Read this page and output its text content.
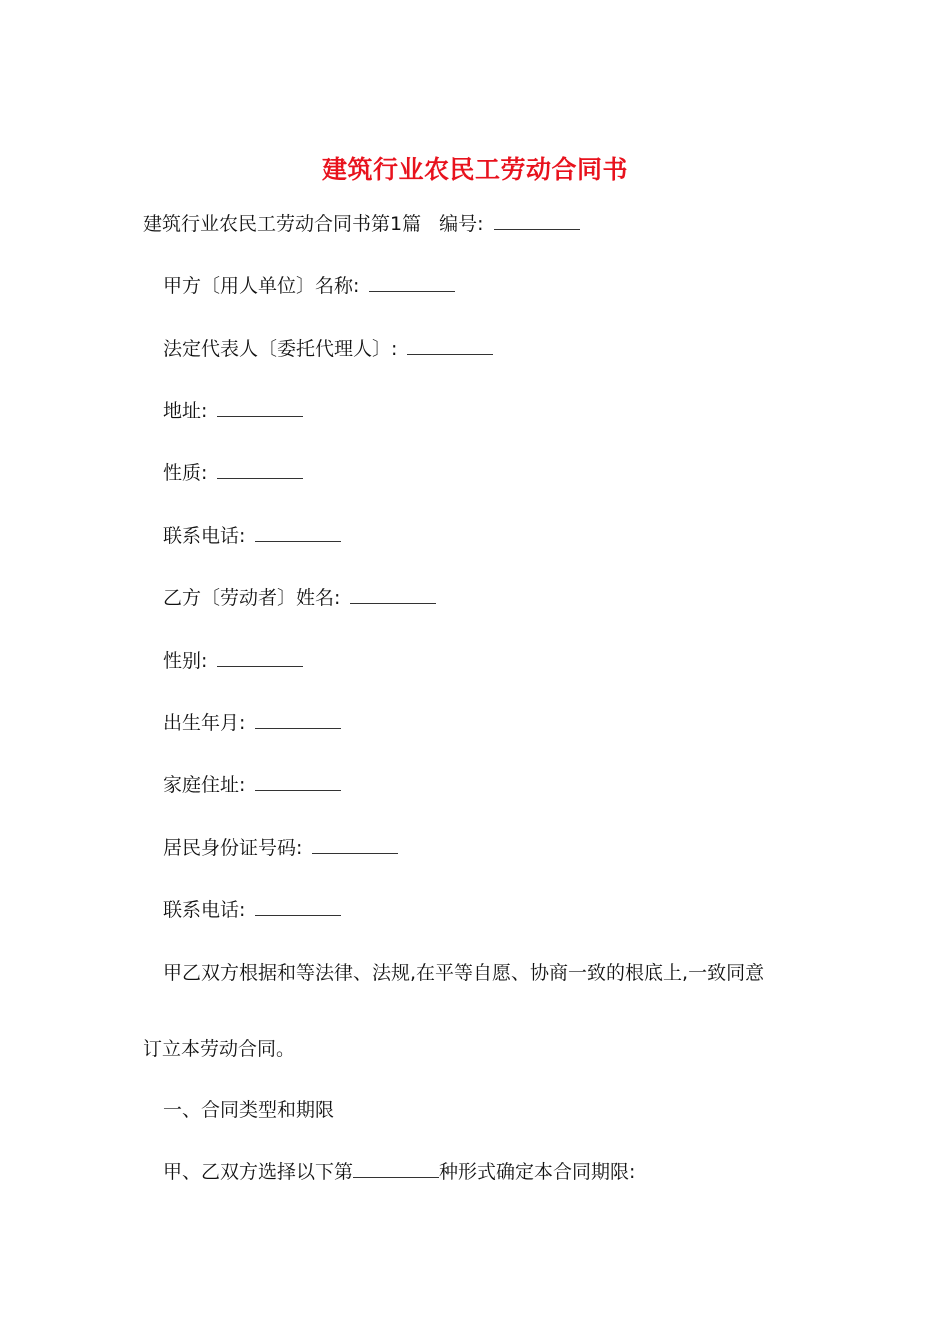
建筑行业农民工劳动合同书
建筑行业农民工劳动合同书第1篇 编号:
甲方〔用人单位〕名称:
法定代表人〔委托代理人〕:
地址:
性质:
联系电话:
乙方〔劳动者〕姓名:
性别:
出生年月:
家庭住址:
居民身份证号码:
联系电话:
甲乙双方根据和等法律、法规,在平等自愿、协商一致的根底上,一致同意
订立本劳动合同。
一、合同类型和期限
甲、乙双方选择以下第	种形式确定本合同期限:
